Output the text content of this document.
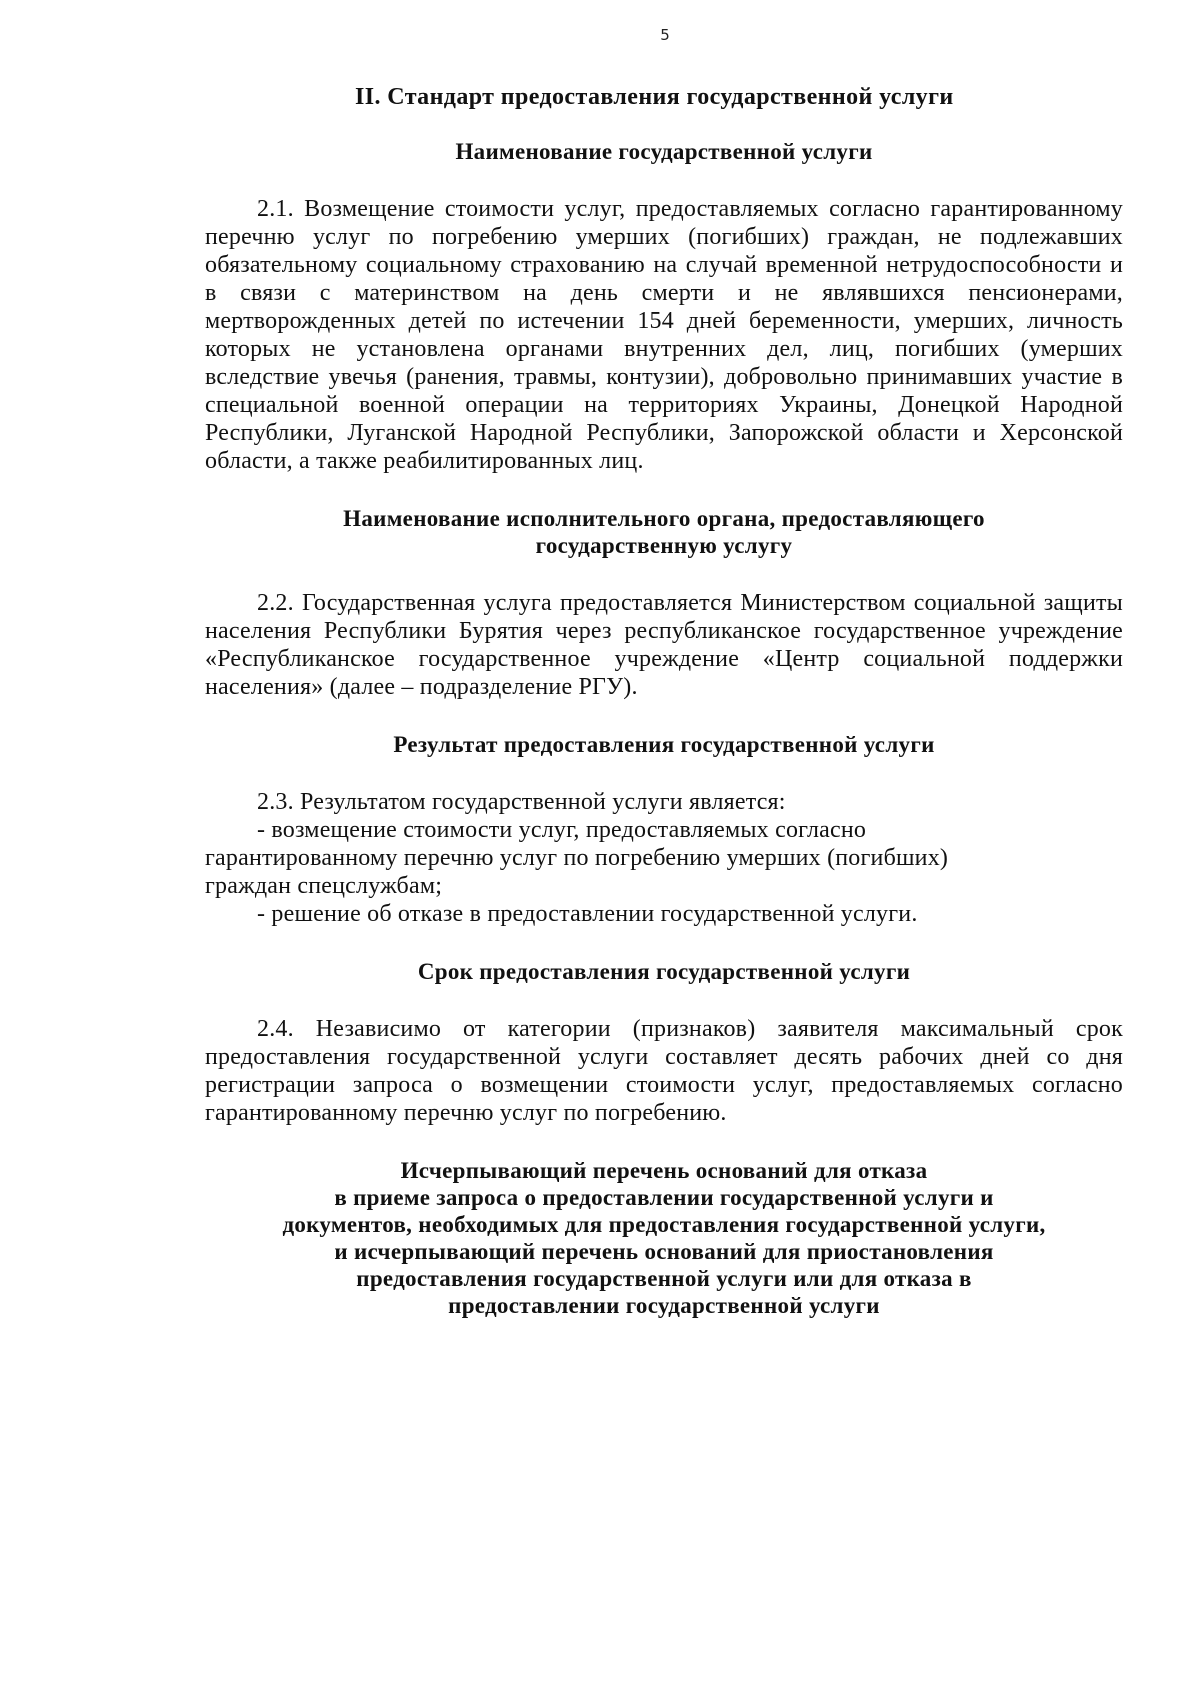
5
II. Стандарт предоставления государственной услуги
Наименование государственной услуги

2.1. Возмещение стоимости услуг, предоставляемых согласно гарантированному перечню услуг по погребению умерших (погибших) граждан, не подлежавших обязательному социальному страхованию на случай временной нетрудоспособности и в связи с материнством на день смерти и не являвшихся пенсионерами, мертворожденных детей по истечении 154 дней беременности, умерших, личность которых не установлена органами внутренних дел, лиц, погибших (умерших вследствие увечья (ранения, травмы, контузии), добровольно принимавших участие в специальной военной операции на территориях Украины, Донецкой Народной Республики, Луганской Народной Республики, Запорожской области и Херсонской области, а также реабилитированных лиц.

Наименование исполнительного органа, предоставляющего
государственную услугу

2.2. Государственная услуга предоставляется Министерством социальной защиты населения Республики Бурятия через республиканское государственное учреждение «Республиканское государственное учреждение «Центр социальной поддержки населения» (далее – подразделение РГУ).

Результат предоставления государственной услуги

2.3. Результатом государственной услуги является:

- возмещение стоимости услуг, предоставляемых согласно

гарантированному перечню услуг по погребению умерших (погибших)

граждан спецслужбам;

- решение об отказе в предоставлении государственной услуги.

Срок предоставления государственной услуги

2.4. Независимо от категории (признаков) заявителя максимальный срок предоставления государственной услуги составляет десять рабочих дней со дня регистрации запроса о возмещении стоимости услуг, предоставляемых согласно гарантированному перечню услуг по погребению.

Исчерпывающий перечень оснований для отказа
в приеме запроса о предоставлении государственной услуги и
документов, необходимых для предоставления государственной услуги,
и исчерпывающий перечень оснований для приостановления
предоставления государственной услуги или для отказа в
предоставлении государственной услуги
